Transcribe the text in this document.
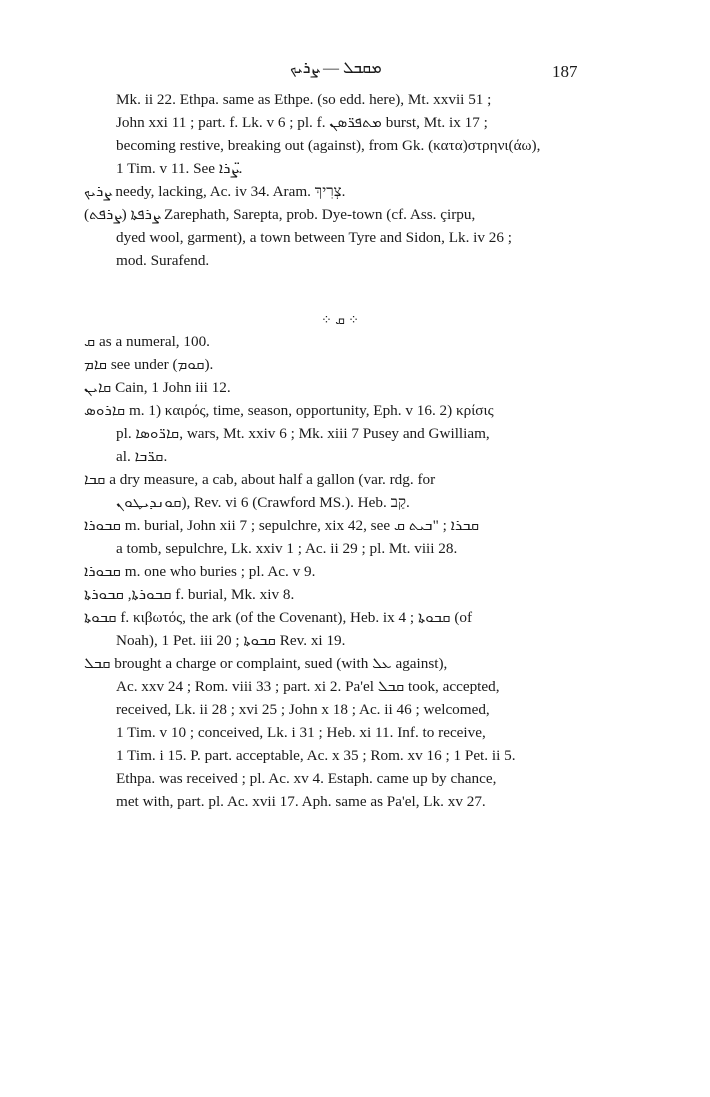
ܡܩܒܠ — ܨܪܝܟ	187
Mk. ii 22. Ethpa. same as Ethpe. (so edd. here), Mt. xxvii 51 ;
John xxi 11 ; part. f. Lk. v 6 ; pl. f. ܡܬܦܪ̈ܣܢ burst, Mt. ix 17 ;
becoming restive, breaking out (against), from Gk. (κατα)στρηνι(άω),
1 Tim. v 11. See ܨ̈ܪܐ.
ܨܪܝܟ needy, lacking, Ac. iv 34. Aram. צְרִיךְ.
(ܨܪܦܬ) ܨܪܦܬܐ Zarephath, Sarepta, prob. Dye-town (cf. Ass. çirpu,
dyed wool, garment), a town between Tyre and Sidon, Lk. iv 26 ;
mod. Surafend.
⁘ ܩ ⁘
ܩ as a numeral, 100.
ܩܐܡ see under (ܩܘܡ).
ܩܐܝܢ Cain, 1 John iii 12.
ܩܐܪܘܣ m. 1) καιρός, time, season, opportunity, Eph. v 16. 2) κρίσις
pl. ܩܐܪ̈ܘܣܐ, wars, Mt. xxiv 6 ; Mk. xiii 7 Pusey and Gwilliam,
al. ܩܪ̈ܒܐ.
ܩܒܐ a dry measure, a cab, about half a gallon (var. rdg. for
ܩܘܢܕܝܛܘܢ), Rev. vi 6 (Crawford MS.). Heb. קַב.
ܩܒܘܪܐ m. burial, John xii 7 ; sepulchre, xix 42, see ܩܒܪܐ ; "ܒܝܬ ܩ
a tomb, sepulchre, Lk. xxiv 1 ; Ac. ii 29 ; pl. Mt. viii 28.
ܩܒܘܪܐ m. one who buries ; pl. Ac. v 9.
ܩܒܘܪܬܐ, ܩܒܘܪܬܐ f. burial, Mk. xiv 8.
ܩܒܘܬܐ f. κιβωτός, the ark (of the Covenant), Heb. ix 4 ; ܩܒܘܬܐ (of
Noah), 1 Pet. iii 20 ; ܩܒܘܬܐ Rev. xi 19.
ܩܒܠ brought a charge or complaint, sued (with ܥܠ against),
Ac. xxv 24 ; Rom. viii 33 ; part. xi 2. Pa'el ܩܒܠ took, accepted,
received, Lk. ii 28 ; xvi 25 ; John x 18 ; Ac. ii 46 ; welcomed,
1 Tim. v 10 ; conceived, Lk. i 31 ; Heb. xi 11. Inf. to receive,
1 Tim. i 15. P. part. acceptable, Ac. x 35 ; Rom. xv 16 ; 1 Pet. ii 5.
Ethpa. was received ; pl. Ac. xv 4. Estaph. came up by chance,
met with, part. pl. Ac. xvii 17. Aph. same as Pa'el, Lk. xv 27.
